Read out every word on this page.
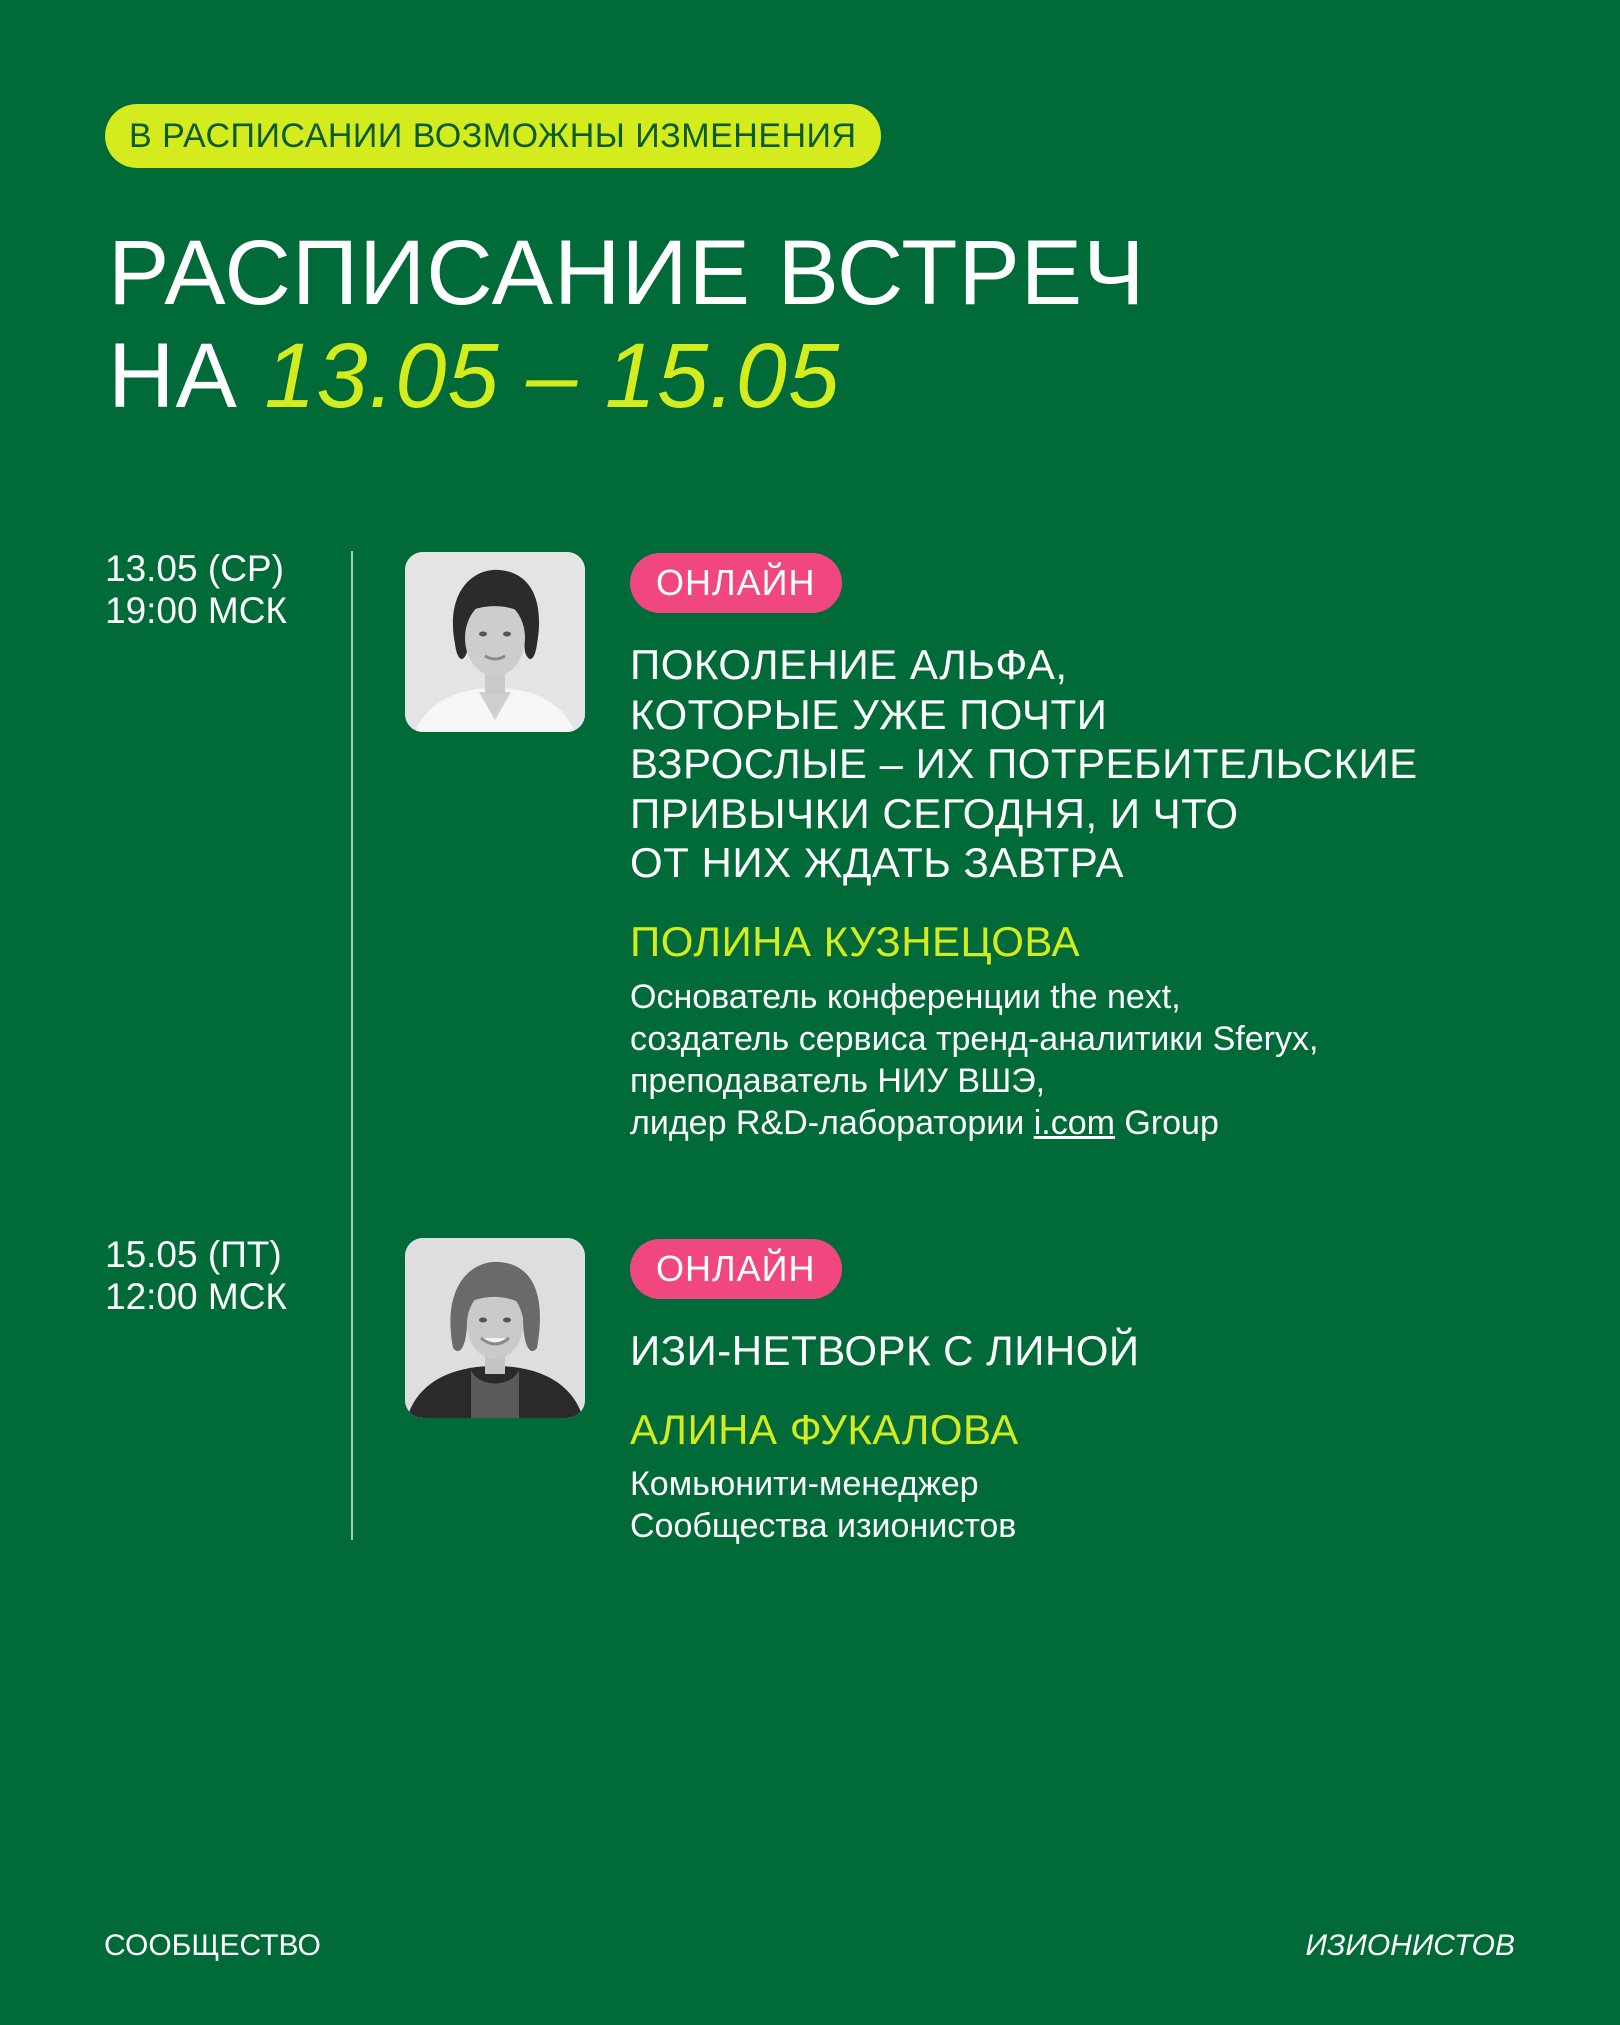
В РАСПИСАНИИ ВОЗМОЖНЫ ИЗМЕНЕНИЯ
РАСПИСАНИЕ ВСТРЕЧ
НА 13.05 – 15.05
13.05 (СР)
19:00 МСК
ОНЛАЙН
ПОКОЛЕНИЕ АЛЬФА,
КОТОРЫЕ УЖЕ ПОЧТИ
ВЗРОСЛЫЕ – ИХ ПОТРЕБИТЕЛЬСКИЕ
ПРИВЫЧКИ СЕГОДНЯ, И ЧТО
ОТ НИХ ЖДАТЬ ЗАВТРА
ПОЛИНА КУЗНЕЦОВА
Основатель конференции the next,
создатель сервиса тренд-аналитики Sferyx,
преподаватель НИУ ВШЭ,
лидер R&D-лаборатории i.com Group
15.05 (ПТ)
12:00 МСК
ОНЛАЙН
ИЗИ-НЕТВОРК С ЛИНОЙ
АЛИНА ФУКАЛОВА
Комьюнити-менеджер
Сообщества изионистов
СООБЩЕСТВО	ИЗИОНИСТОВ
